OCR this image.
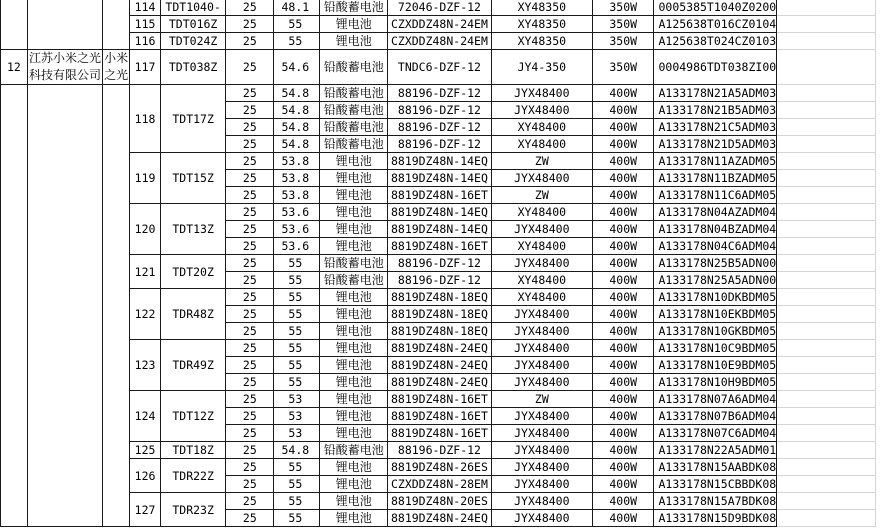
			114	TDT1040-	25	48.1	铅酸蓄电池	72046-DZF-12	XY48350	350W	0005385T1040Z0200	
			115	TDT016Z	25	55	锂电池	CZXDDZ48N-24EM	XY48350	350W	A125638T016CZ0104	
			116	TDT024Z	25	55	锂电池	CZXDDZ48N-24EM	XY48350	350W	A125638T024CZ0103	
12	江苏小米之光科技有限公司	小米之光	117	TDT038Z	25	54.6	铅酸蓄电池	TNDC6-DZF-12	JY4-350	350W	0004986TDT038ZI00	
			118	TDT17Z	25	54.8	铅酸蓄电池	88196-DZF-12	JYX48400	400W	A133178N21A5ADM03	
					25	54.8	铅酸蓄电池	88196-DZF-12	JYX48400	400W	A133178N21B5ADM03	
					25	54.8	铅酸蓄电池	88196-DZF-12	XY48400	400W	A133178N21C5ADM03	
					25	54.8	铅酸蓄电池	88196-DZF-12	XY48400	400W	A133178N21D5ADM03	
			119	TDT15Z	25	53.8	锂电池	8819DZ48N-14EQ	ZW	400W	A133178N11AZADM05	
					25	53.8	锂电池	8819DZ48N-14EQ	JYX48400	400W	A133178N11BZADM05	
					25	53.8	锂电池	8819DZ48N-16ET	ZW	400W	A133178N11C6ADM05	
			120	TDT13Z	25	53.6	锂电池	8819DZ48N-14EQ	XY48400	400W	A133178N04AZADM04	
					25	53.6	锂电池	8819DZ48N-14EQ	JYX48400	400W	A133178N04BZADM04	
					25	53.6	锂电池	8819DZ48N-16ET	XY48400	400W	A133178N04C6ADM04	
			121	TDT20Z	25	55	铅酸蓄电池	88196-DZF-12	JYX48400	400W	A133178N25B5ADN00	
					25	55	铅酸蓄电池	88196-DZF-12	XY48400	400W	A133178N25A5ADN00	
			122	TDR48Z	25	55	锂电池	8819DZ48N-18EQ	XY48400	400W	A133178N10DKBDM05	
					25	55	锂电池	8819DZ48N-18EQ	JYX48400	400W	A133178N10EKBDM05	
					25	55	锂电池	8819DZ48N-18EQ	JYX48400	400W	A133178N10GKBDM05	
			123	TDR49Z	25	55	锂电池	8819DZ48N-24EQ	JYX48400	400W	A133178N10C9BDM05	
					25	55	锂电池	8819DZ48N-24EQ	JYX48400	400W	A133178N10E9BDM05	
					25	55	锂电池	8819DZ48N-24EQ	JYX48400	400W	A133178N10H9BDM05	
			124	TDT12Z	25	53	锂电池	8819DZ48N-16ET	ZW	400W	A133178N07A6ADM04	
					25	53	锂电池	8819DZ48N-16ET	JYX48400	400W	A133178N07B6ADM04	
					25	53	锂电池	8819DZ48N-16ET	JYX48400	400W	A133178N07C6ADM04	
			125	TDT18Z	25	54.8	铅酸蓄电池	88196-DZF-12	JYX48400	400W	A133178N22A5ADM01	
			126	TDR22Z	25	55	锂电池	8819DZ48N-26ES	JYX48400	400W	A133178N15AABDK08	
					25	55	锂电池	CZXDDZ48N-28EM	JYX48400	400W	A133178N15CBBDK08	
			127	TDR23Z	25	55	锂电池	8819DZ48N-20ES	JYX48400	400W	A133178N15A7BDK08	
					25	55	锂电池	8819DZ48N-24EQ	JYX48400	400W	A133178N15D9BDK08	
